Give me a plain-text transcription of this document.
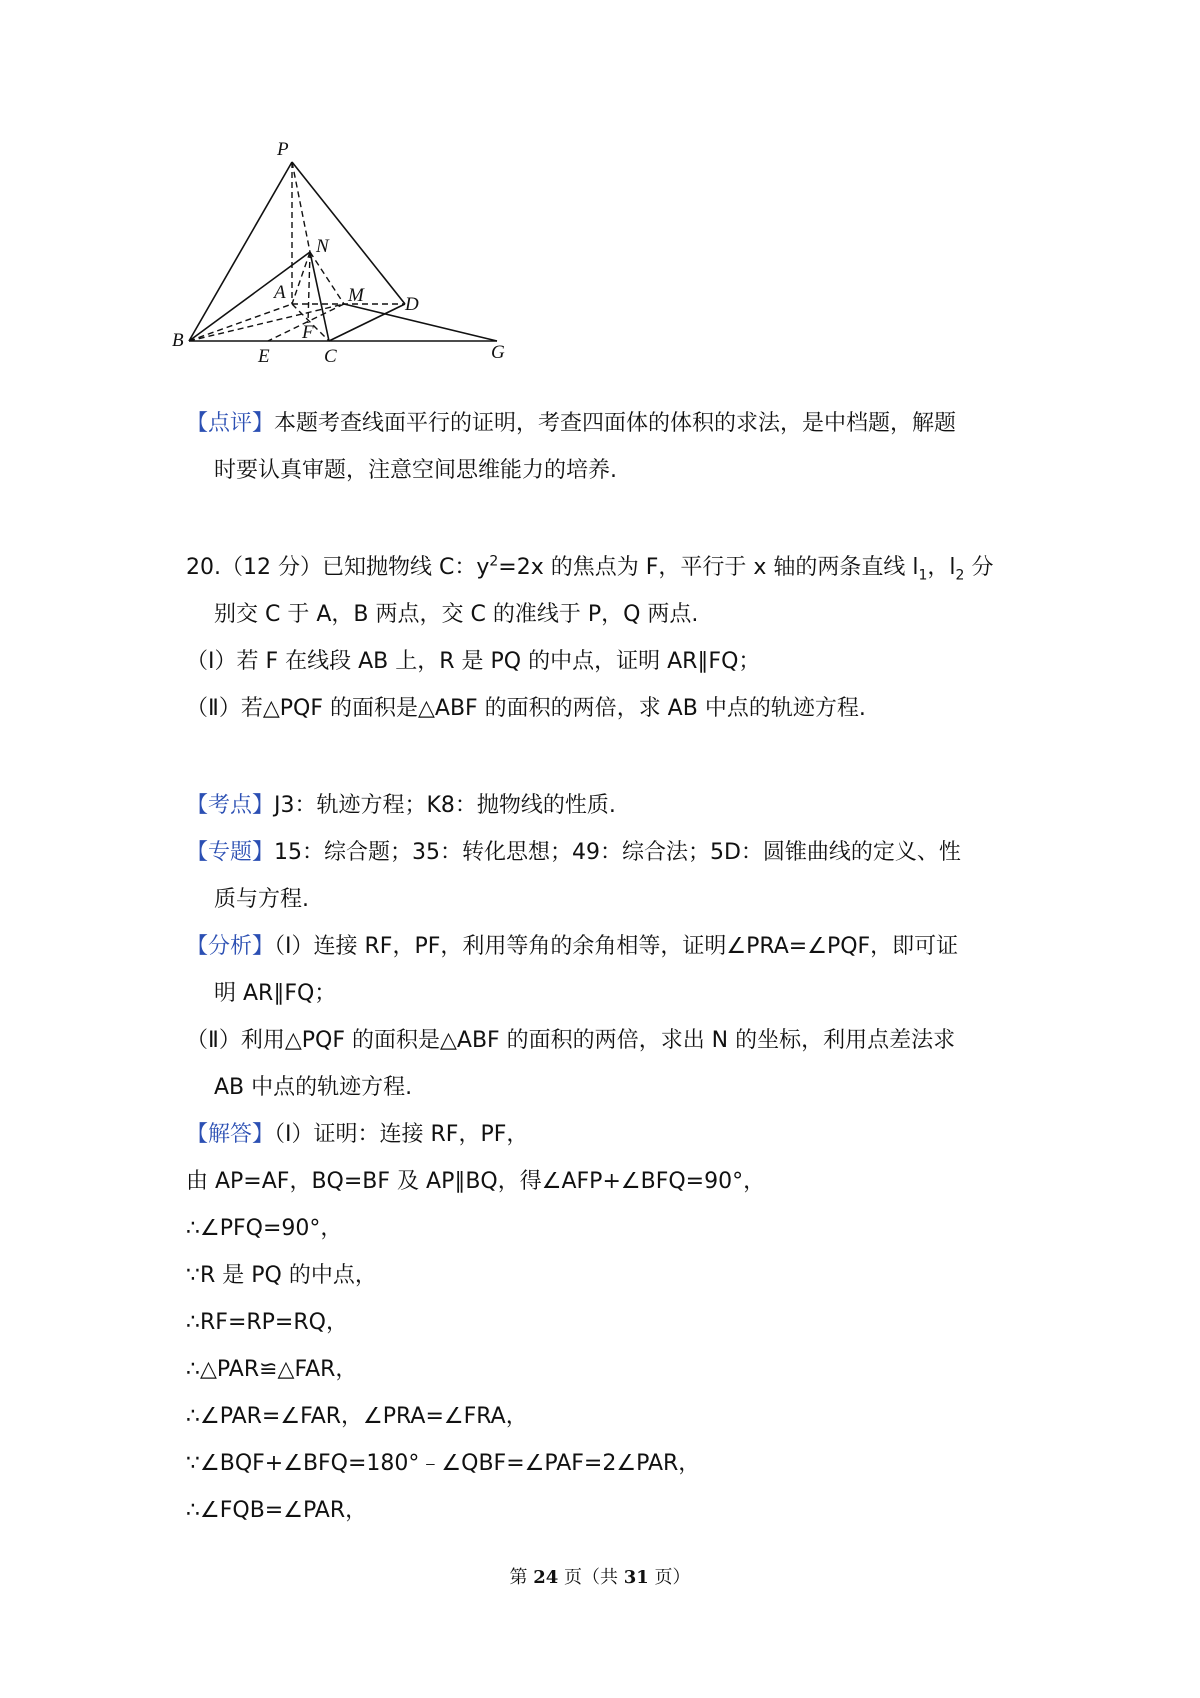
P
N
A	M D
B	F
E	C	G
【点评】本题考查线面平行的证明，考查四面体的体积的求法，是中档题，解题
时要认真审题，注意空间思维能力的培养.
20.（12 分）已知抛物线 C：$y^2=2x$ 的焦点为 F，平行于 x 轴的两条直线 $l_1$，$l_2$ 分
别交 C 于 A，B 两点，交 C 的准线于 P，Q 两点.
（Ⅰ）若 F 在线段 AB 上，R 是 PQ 的中点，证明 AR∥FQ；
（Ⅱ）若△PQF 的面积是△ABF 的面积的两倍，求 AB 中点的轨迹方程.
【考点】J3：轨迹方程；K8：抛物线的性质.
【专题】15：综合题；35：转化思想；49：综合法；5D：圆锥曲线的定义、性
质与方程.
【分析】（Ⅰ）连接 RF，PF，利用等角的余角相等，证明∠PRA=∠PQF，即可证
明 AR∥FQ；
（Ⅱ）利用△PQF 的面积是△ABF 的面积的两倍，求出 N 的坐标，利用点差法求
AB 中点的轨迹方程.
【解答】（Ⅰ）证明：连接 RF，PF，
由 AP=AF，BQ=BF 及 AP∥BQ，得∠AFP+∠BFQ=90°，
∴∠PFQ=90°，
∵R 是 PQ 的中点，
∴RF=RP=RQ，
∴△PAR≌△FAR，
∴∠PAR=∠FAR，∠PRA=∠FRA，
∵∠BQF+∠BFQ=180°﹣∠QBF=∠PAF=2∠PAR，
∴∠FQB=∠PAR，
第 24 页（共 31 页）
